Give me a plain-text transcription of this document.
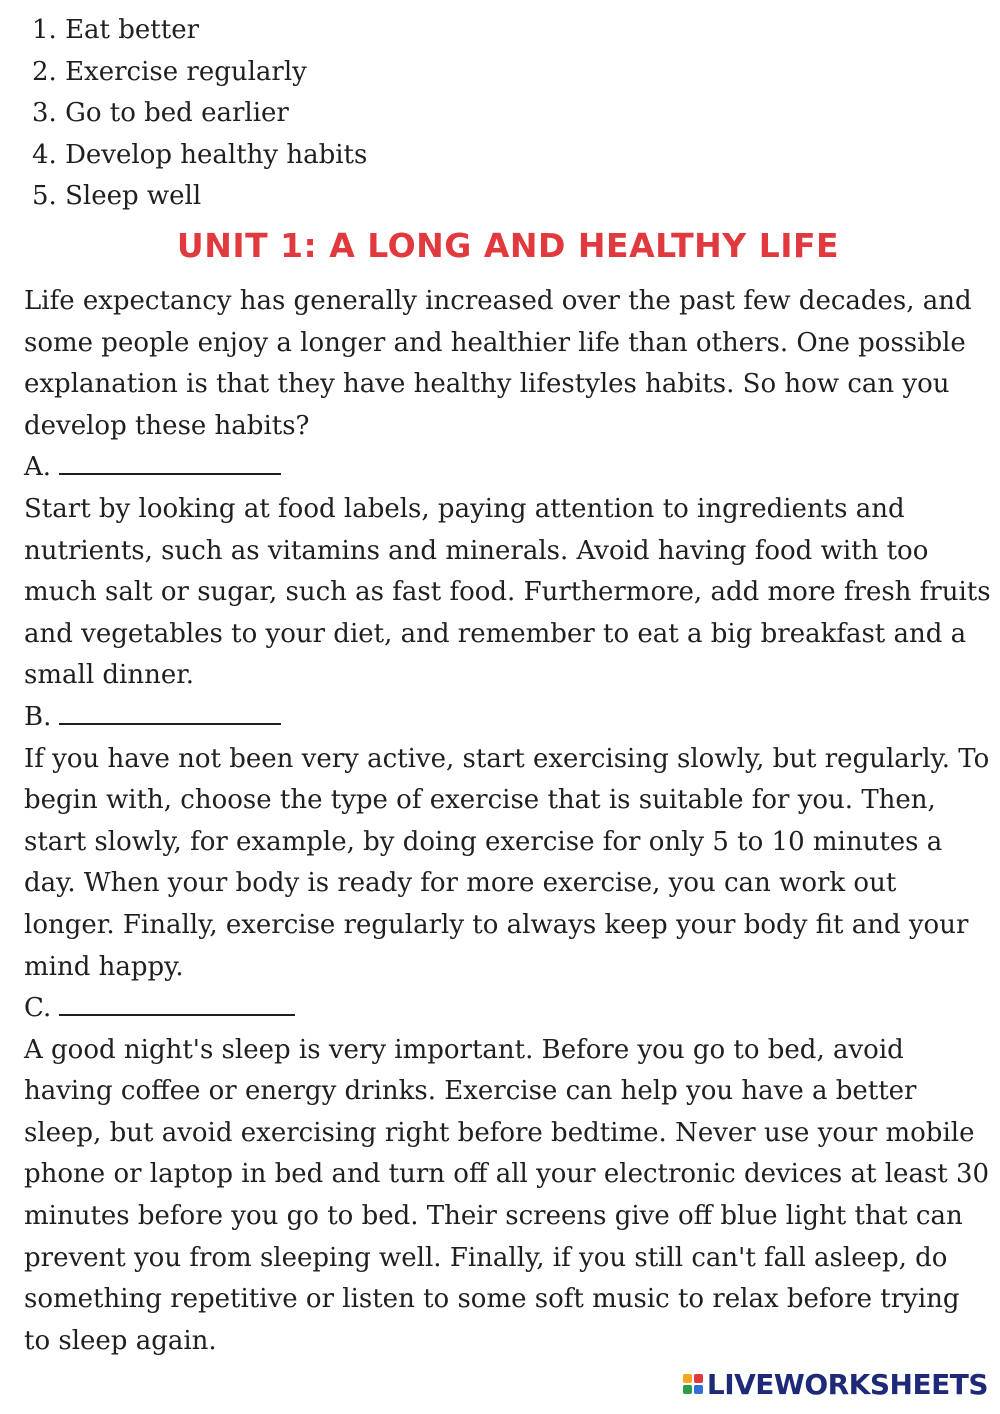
1. Eat better
2. Exercise regularly
3. Go to bed earlier
4. Develop healthy habits
5. Sleep well
UNIT 1: A LONG AND HEALTHY LIFE

Life expectancy has generally increased over the past few decades, and some people enjoy a longer and healthier life than others. One possible explanation is that they have healthy lifestyles habits. So how can you develop these habits?

A.

Start by looking at food labels, paying attention to ingredients and nutrients, such as vitamins and minerals. Avoid having food with too much salt or sugar, such as fast food. Furthermore, add more fresh fruits and vegetables to your diet, and remember to eat a big breakfast and a small dinner.

B.

If you have not been very active, start exercising slowly, but regularly. To begin with, choose the type of exercise that is suitable for you. Then, start slowly, for example, by doing exercise for only 5 to 10 minutes a day. When your body is ready for more exercise, you can work out longer. Finally, exercise regularly to always keep your body fit and your mind happy.

C.

A good night's sleep is very important. Before you go to bed, avoid having coffee or energy drinks. Exercise can help you have a better sleep, but avoid exercising right before bedtime. Never use your mobile phone or laptop in bed and turn off all your electronic devices at least 30 minutes before you go to bed. Their screens give off blue light that can prevent you from sleeping well. Finally, if you still can't fall asleep, do something repetitive or listen to some soft music to relax before trying to sleep again.

LIVEWORKSHEETS
